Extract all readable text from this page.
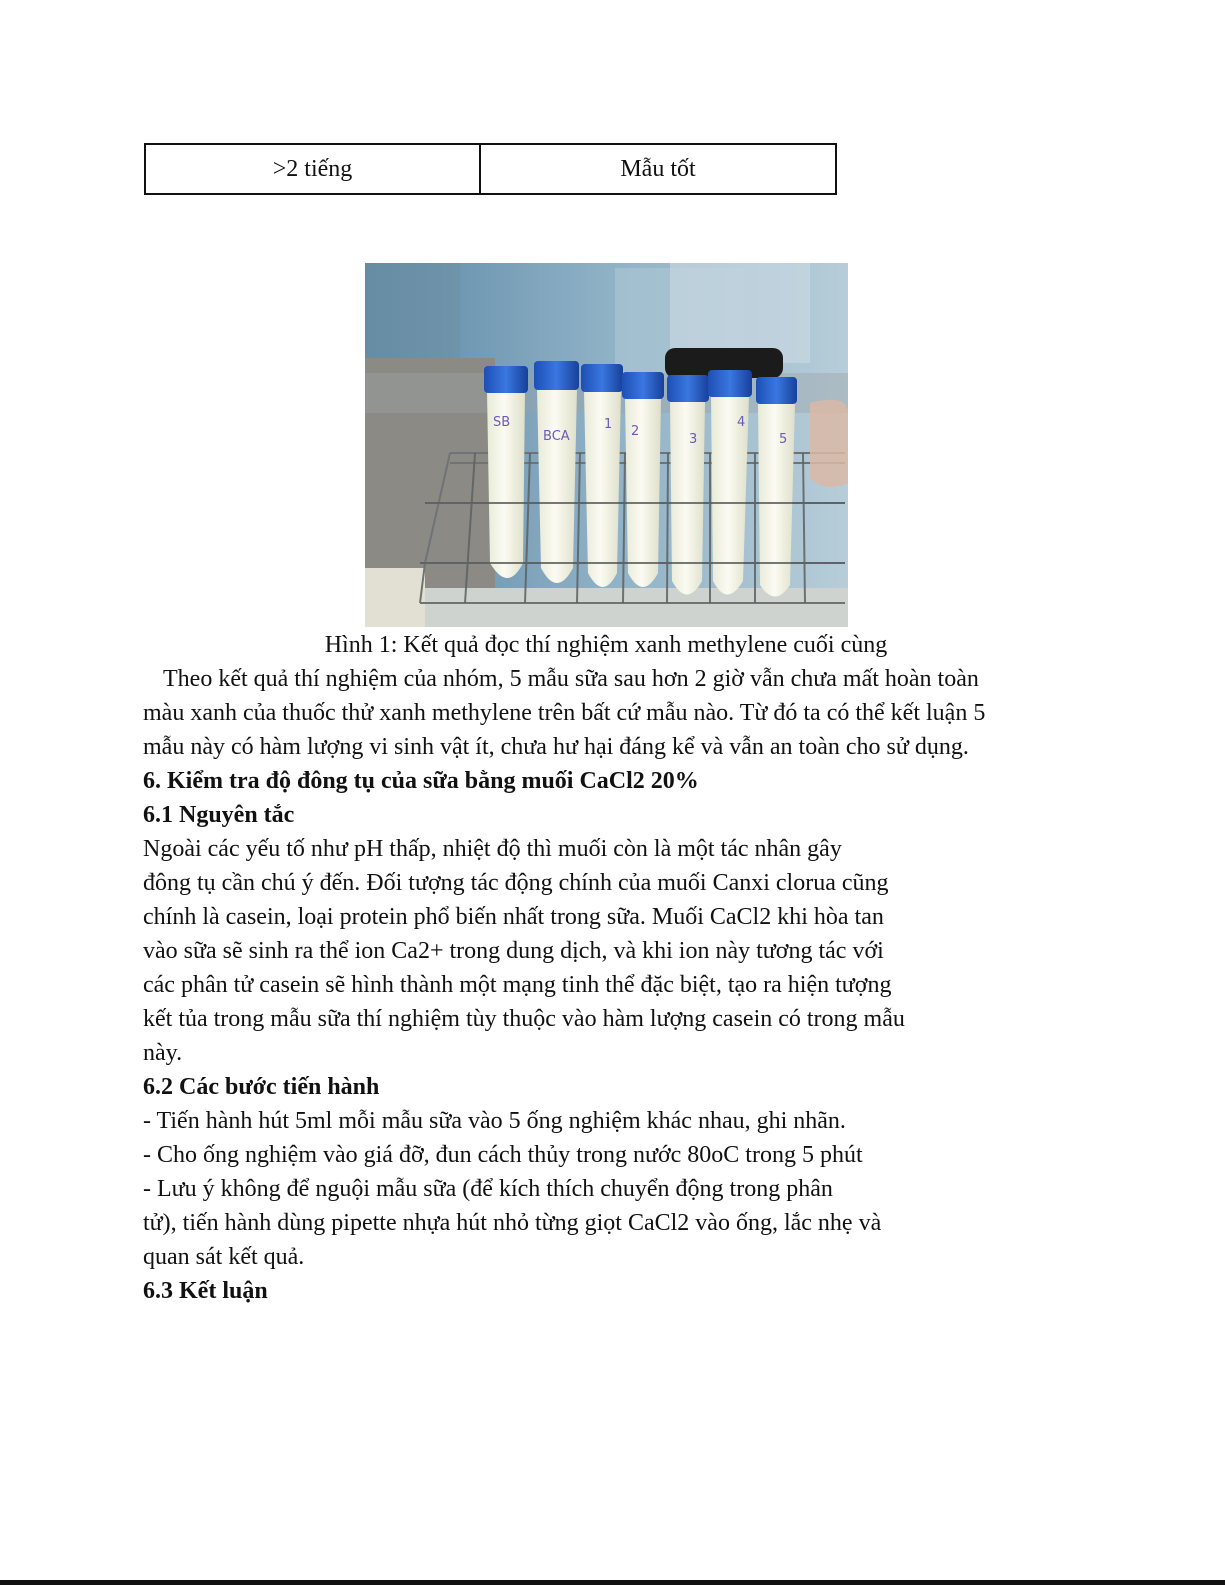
>2 tiếng	Mẫu tốt
SB
BCA
1 2
3
4
5
Hình 1: Kết quả đọc thí nghiệm xanh methylene cuối cùng
Theo kết quả thí nghiệm của nhóm, 5 mẫu sữa sau hơn 2 giờ vẫn chưa mất hoàn toàn
màu xanh của thuốc thử xanh methylene trên bất cứ mẫu nào. Từ đó ta có thể kết luận 5
mẫu này có hàm lượng vi sinh vật ít, chưa hư hại đáng kể và vẫn an toàn cho sử dụng.
6. Kiểm tra độ đông tụ của sữa bằng muối CaCl2 20%
6.1 Nguyên tắc
Ngoài các yếu tố như pH thấp, nhiệt độ thì muối còn là một tác nhân gây
đông tụ cần chú ý đến. Đối tượng tác động chính của muối Canxi clorua cũng
chính là casein, loại protein phổ biến nhất trong sữa. Muối CaCl2 khi hòa tan
vào sữa sẽ sinh ra thể ion Ca2+ trong dung dịch, và khi ion này tương tác với
các phân tử casein sẽ hình thành một mạng tinh thể đặc biệt, tạo ra hiện tượng
kết tủa trong mẫu sữa thí nghiệm tùy thuộc vào hàm lượng casein có trong mẫu
này.
6.2 Các bước tiến hành
- Tiến hành hút 5ml mỗi mẫu sữa vào 5 ống nghiệm khác nhau, ghi nhãn.
- Cho ống nghiệm vào giá đỡ, đun cách thủy trong nước 80oC trong 5 phút
- Lưu ý không để nguội mẫu sữa (để kích thích chuyển động trong phân
tử), tiến hành dùng pipette nhựa hút nhỏ từng giọt CaCl2 vào ống, lắc nhẹ và
quan sát kết quả.
6.3 Kết luận
